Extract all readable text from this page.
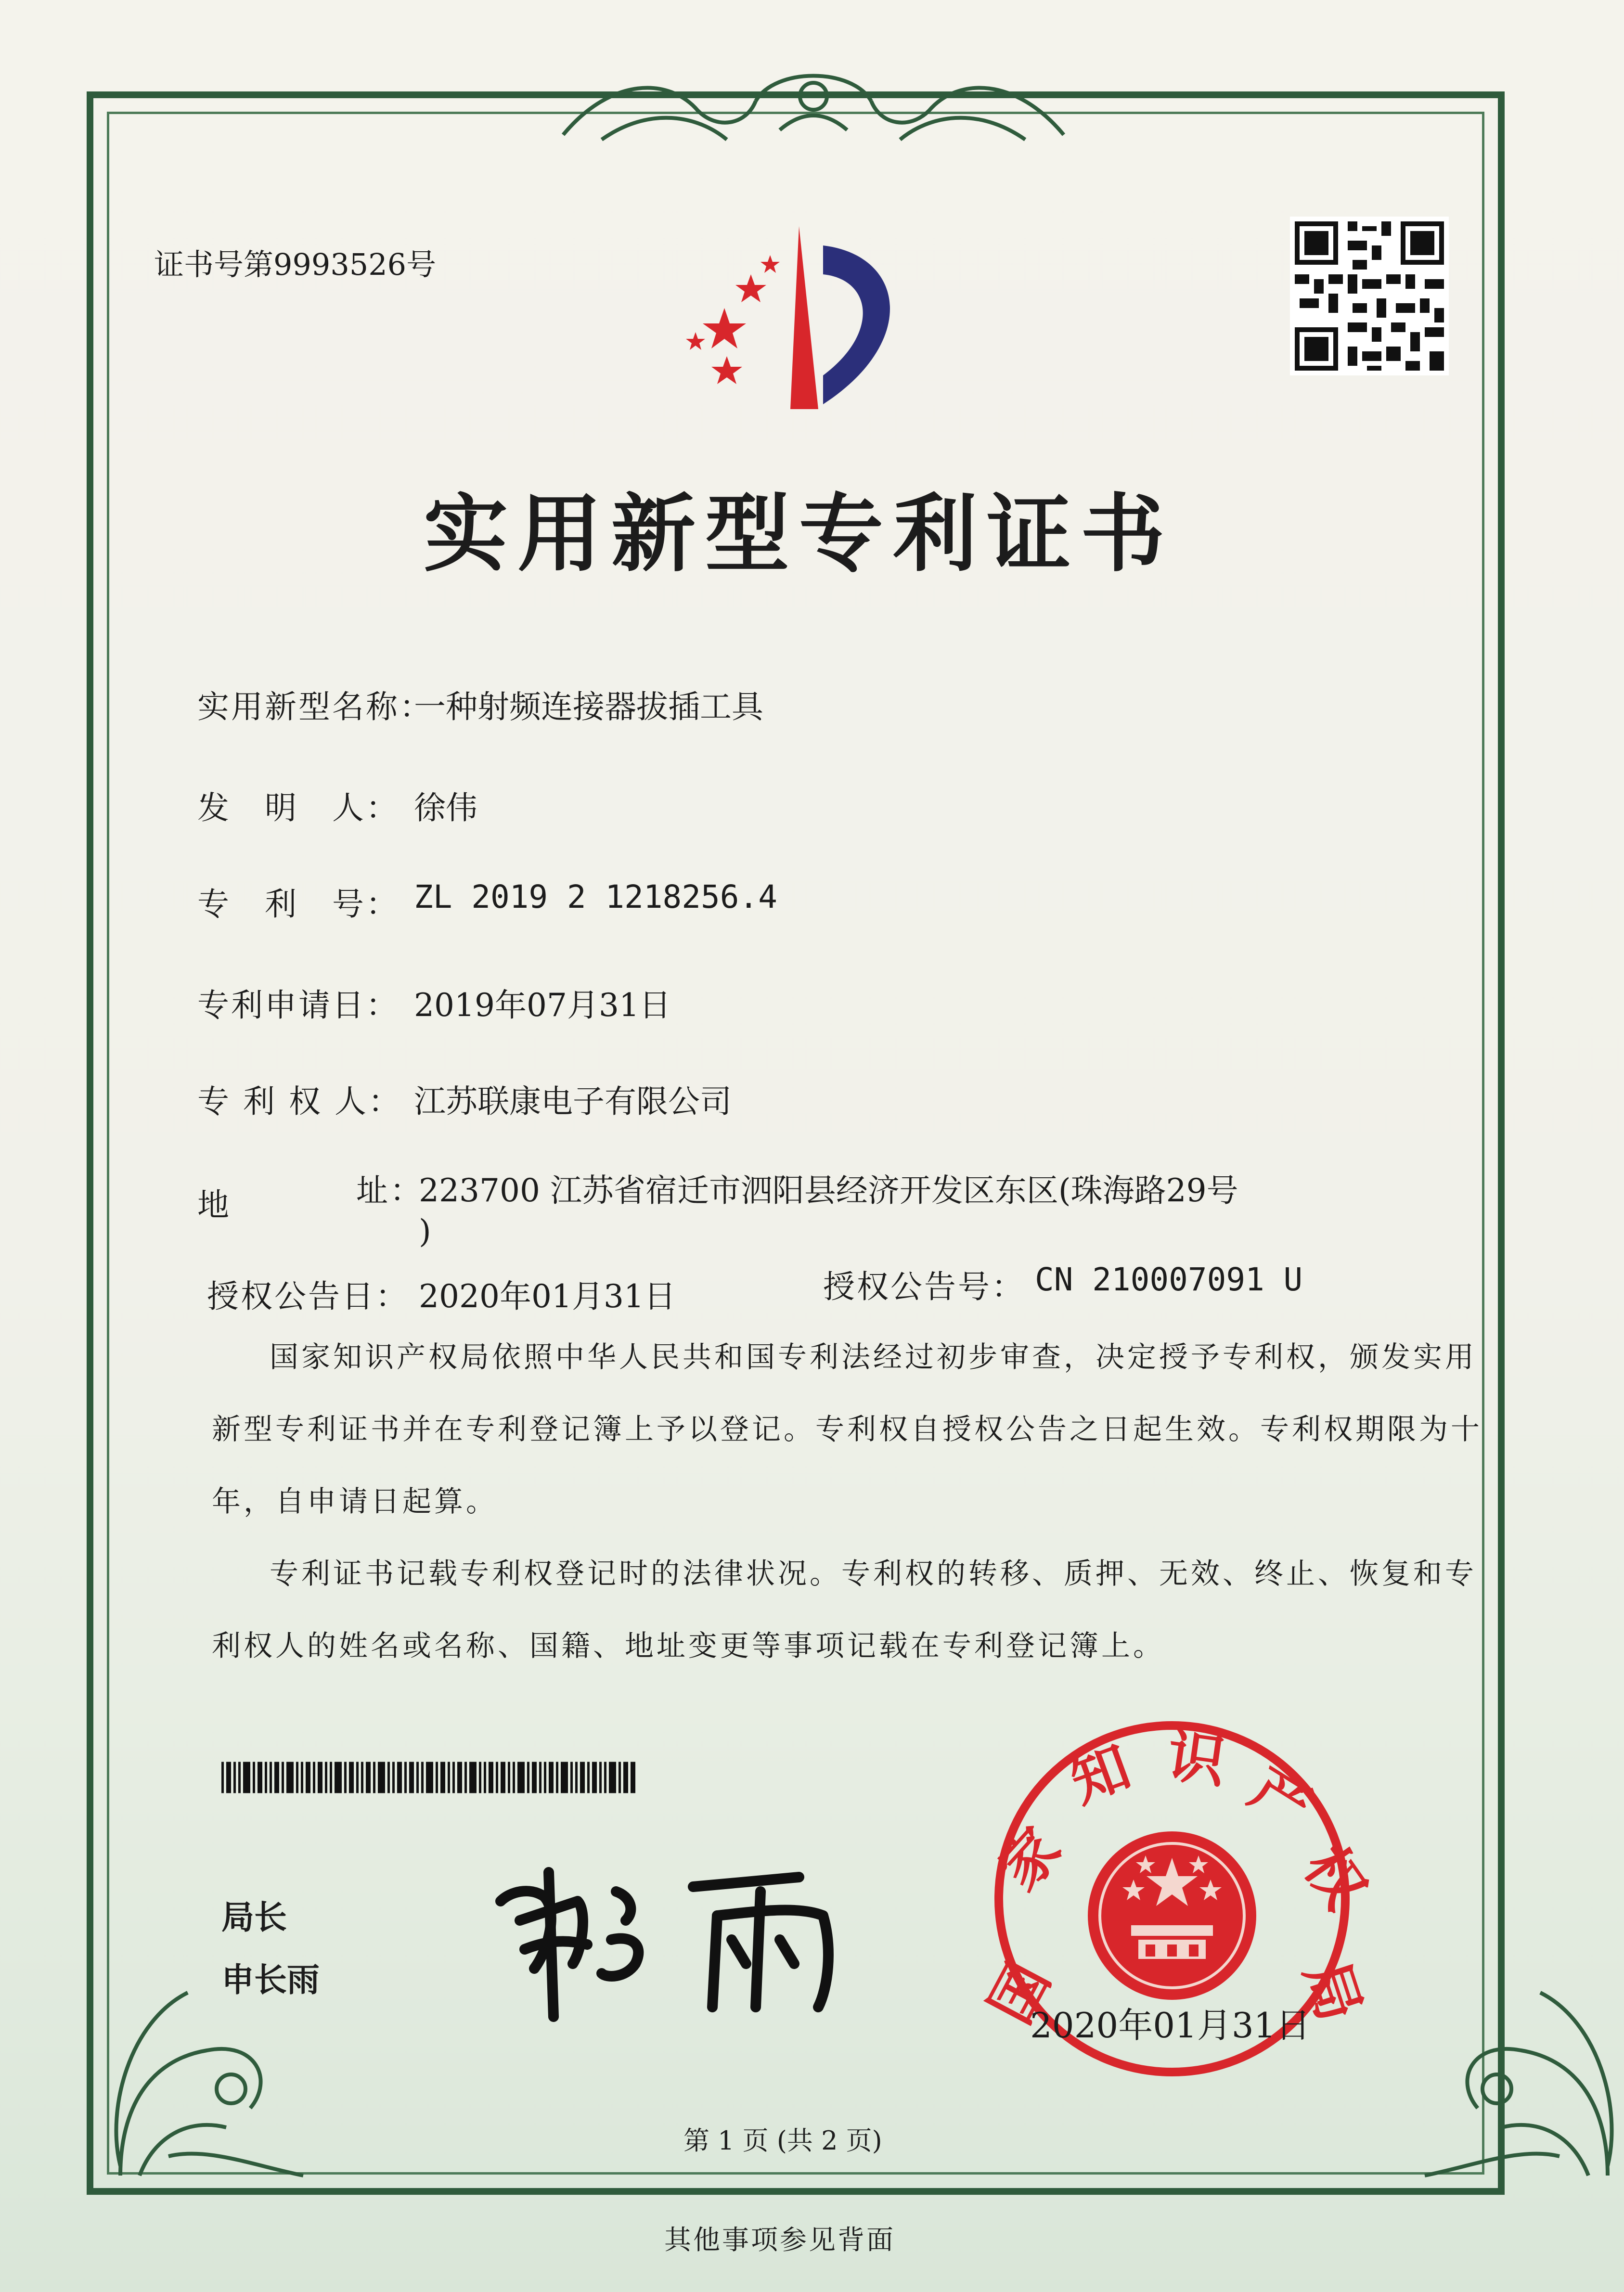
证书号第9993526号
实用新型专利证书
实用新型名称：
一种射频连接器拔插工具
发　明　人： 徐伟
专　利　号： ZL 2019 2 1218256.4
专利申请日： 2019年07月31日
专 利 权 人： 江苏联康电子有限公司
地	址：
223700 江苏省宿迁市泗阳县经济开发区东区(珠海路29号
)
授权公告日： 2020年01月31日	授权公告号： CN 210007091 U
国家知识产权局依照中华人民共和国专利法经过初步审查，决定授予专利权，颁发实用
新型专利证书并在专利登记簿上予以登记。专利权自授权公告之日起生效。专利权期限为十
年，自申请日起算。
专利证书记载专利权登记时的法律状况。专利权的转移、质押、无效、终止、恢复和专
利权人的姓名或名称、国籍、地址变更等事项记载在专利登记簿上。
局长
申长雨	国
家
知 识 产
权
局
2020年01月31日
第 1 页 (共 2 页)
其他事项参见背面
